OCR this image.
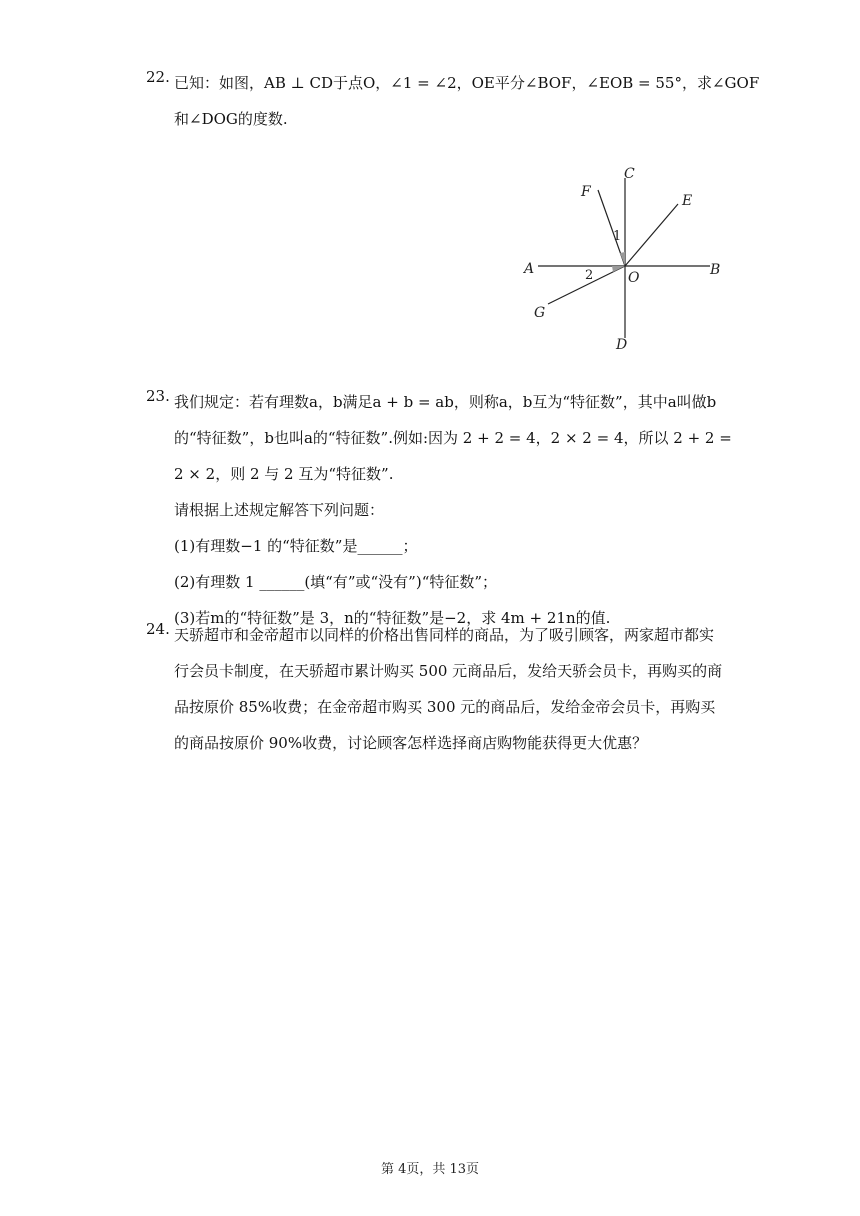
22. 已知：如图，AB ⊥ CD于点O，∠1 = ∠2，OE平分∠BOF，∠EOB = 55°，求∠GOF
和∠DOG的度数.
C
F
E
1
A	2 O	B
G
D
23. 我们规定：若有理数a，b满足a + b = ab，则称a，b互为“特征数”，其中a叫做b
的“特征数”，b也叫a的“特征数”.例如:因为 2 + 2 = 4，2 × 2 = 4，所以 2 + 2 =
2 × 2，则 2 与 2 互为“特征数”.
请根据上述规定解答下列问题：
(1)有理数−1 的“特征数”是______；
(2)有理数 1 ______(填“有”或“没有”)“特征数”；
(3)若m的“特征数”是 3，n的“特征数”是−2，求 4m + 21n的值.
24. 天骄超市和金帝超市以同样的价格出售同样的商品，为了吸引顾客，两家超市都实
行会员卡制度，在天骄超市累计购买 500 元商品后，发给天骄会员卡，再购买的商
品按原价 85%收费；在金帝超市购买 300 元的商品后，发给金帝会员卡，再购买
的商品按原价 90%收费，讨论顾客怎样选择商店购物能获得更大优惠？
第 4页，共 13页
